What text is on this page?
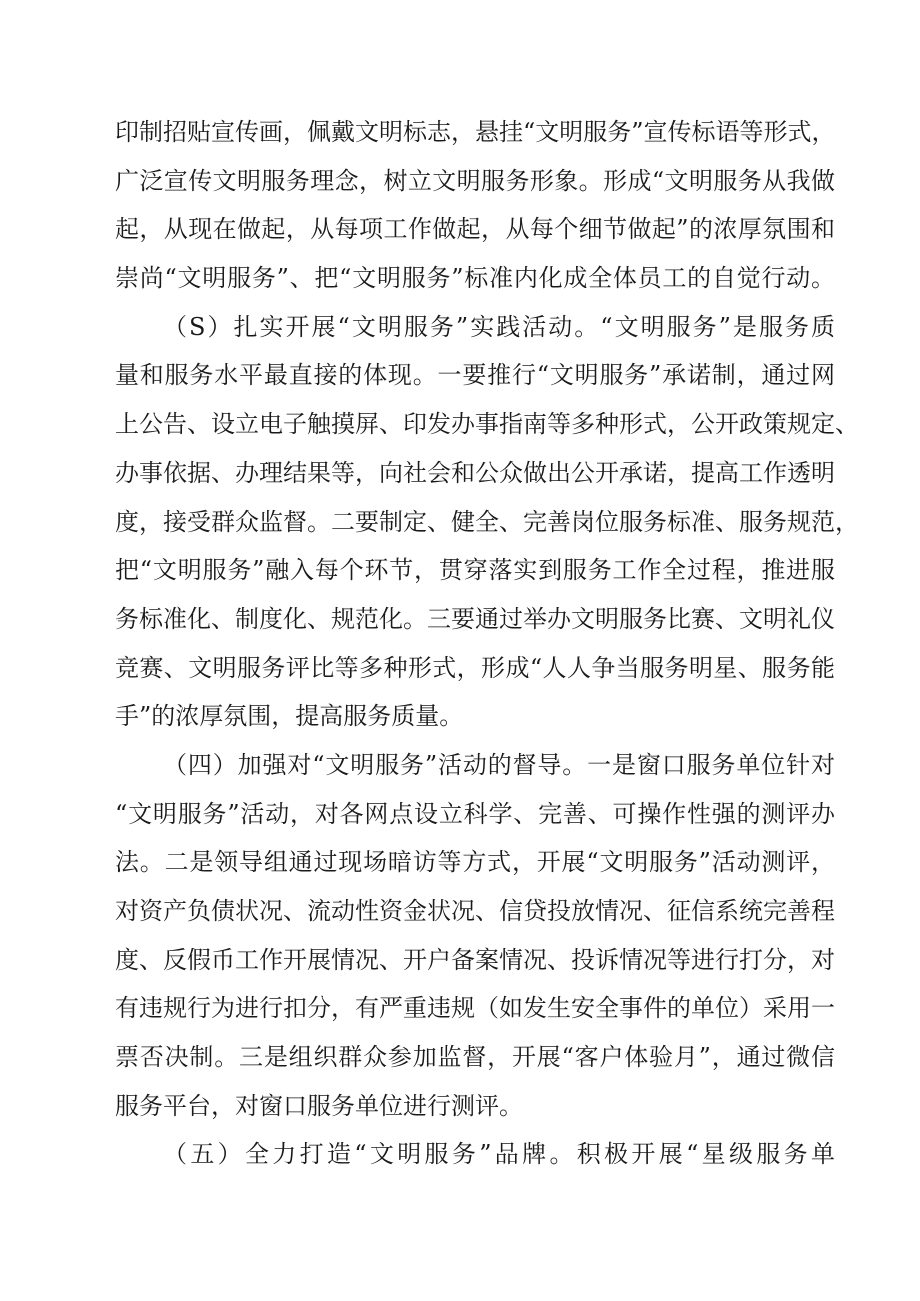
印制招贴宣传画，佩戴文明标志，悬挂“文明服务”宣传标语等形式，
广泛宣传文明服务理念，树立文明服务形象。形成“文明服务从我做
起，从现在做起，从每项工作做起，从每个细节做起”的浓厚氛围和
崇尚“文明服务”、把“文明服务”标准内化成全体员工的自觉行动。
（S）扎实开展“文明服务”实践活动。“文明服务”是服务质
量和服务水平最直接的体现。一要推行“文明服务”承诺制，通过网
上公告、设立电子触摸屏、印发办事指南等多种形式，公开政策规定、
办事依据、办理结果等，向社会和公众做出公开承诺，提高工作透明
度，接受群众监督。二要制定、健全、完善岗位服务标准、服务规范，
把“文明服务”融入每个环节，贯穿落实到服务工作全过程，推进服
务标准化、制度化、规范化。三要通过举办文明服务比赛、文明礼仪
竞赛、文明服务评比等多种形式，形成“人人争当服务明星、服务能
手”的浓厚氛围，提高服务质量。
（四）加强对“文明服务”活动的督导。一是窗口服务单位针对
“文明服务”活动，对各网点设立科学、完善、可操作性强的测评办
法。二是领导组通过现场暗访等方式，开展“文明服务”活动测评，
对资产负债状况、流动性资金状况、信贷投放情况、征信系统完善程
度、反假币工作开展情况、开户备案情况、投诉情况等进行打分，对
有违规行为进行扣分，有严重违规（如发生安全事件的单位）采用一
票否决制。三是组织群众参加监督，开展“客户体验月”，通过微信
服务平台，对窗口服务单位进行测评。
（五）全力打造“文明服务”品牌。积极开展“星级服务单
